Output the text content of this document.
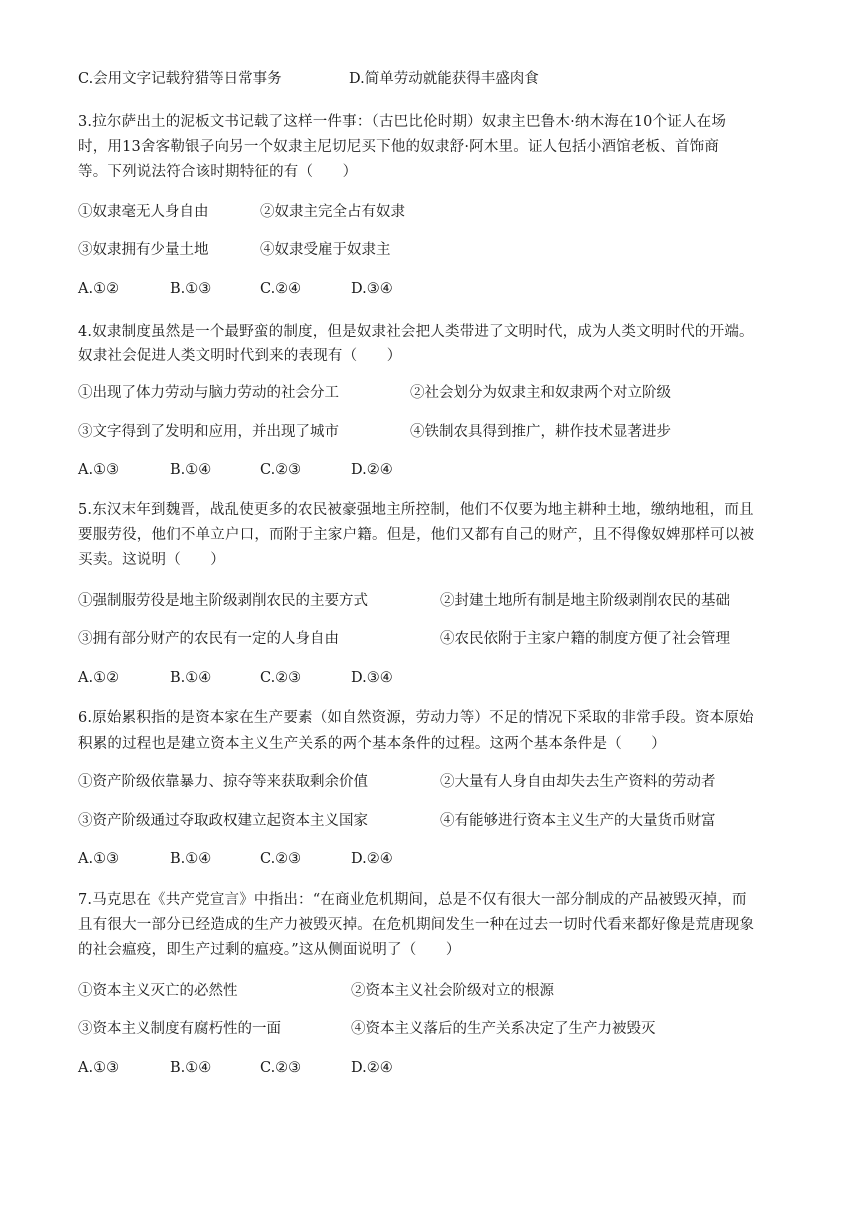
C.会用文字记载狩猎等日常事务	D.简单劳动就能获得丰盛肉食
3.拉尔萨出土的泥板文书记载了这样一件事：（古巴比伦时期）奴隶主巴鲁木·纳木海在10个证人在场
时，用13舍客勒银子向另一个奴隶主尼切尼买下他的奴隶舒·阿木里。证人包括小酒馆老板、首饰商
等。下列说法符合该时期特征的有（　　）
①奴隶毫无人身自由	②奴隶主完全占有奴隶
③奴隶拥有少量土地	④奴隶受雇于奴隶主
A.①②	B.①③	C.②④	D.③④
4.奴隶制度虽然是一个最野蛮的制度，但是奴隶社会把人类带进了文明时代，成为人类文明时代的开端。
奴隶社会促进人类文明时代到来的表现有（　　）
①出现了体力劳动与脑力劳动的社会分工	②社会划分为奴隶主和奴隶两个对立阶级
③文字得到了发明和应用，并出现了城市	④铁制农具得到推广，耕作技术显著进步
A.①③	B.①④	C.②③	D.②④
5.东汉末年到魏晋，战乱使更多的农民被豪强地主所控制，他们不仅要为地主耕种土地，缴纳地租，而且
要服劳役，他们不单立户口，而附于主家户籍。但是，他们又都有自己的财产，且不得像奴婢那样可以被
买卖。这说明（　　）
①强制服劳役是地主阶级剥削农民的主要方式	②封建土地所有制是地主阶级剥削农民的基础
③拥有部分财产的农民有一定的人身自由	④农民依附于主家户籍的制度方便了社会管理
A.①②	B.①④	C.②③	D.③④
6.原始累积指的是资本家在生产要素（如自然资源，劳动力等）不足的情况下采取的非常手段。资本原始
积累的过程也是建立资本主义生产关系的两个基本条件的过程。这两个基本条件是（　　）
①资产阶级依靠暴力、掠夺等来获取剩余价值	②大量有人身自由却失去生产资料的劳动者
③资产阶级通过夺取政权建立起资本主义国家	④有能够进行资本主义生产的大量货币财富
A.①③	B.①④	C.②③	D.②④
7.马克思在《共产党宣言》中指出：“在商业危机期间，总是不仅有很大一部分制成的产品被毁灭掉，而
且有很大一部分已经造成的生产力被毁灭掉。在危机期间发生一种在过去一切时代看来都好像是荒唐现象
的社会瘟疫，即生产过剩的瘟疫。”这从侧面说明了（　　）
①资本主义灭亡的必然性	②资本主义社会阶级对立的根源
③资本主义制度有腐朽性的一面	④资本主义落后的生产关系决定了生产力被毁灭
A.①③	B.①④	C.②③	D.②④
